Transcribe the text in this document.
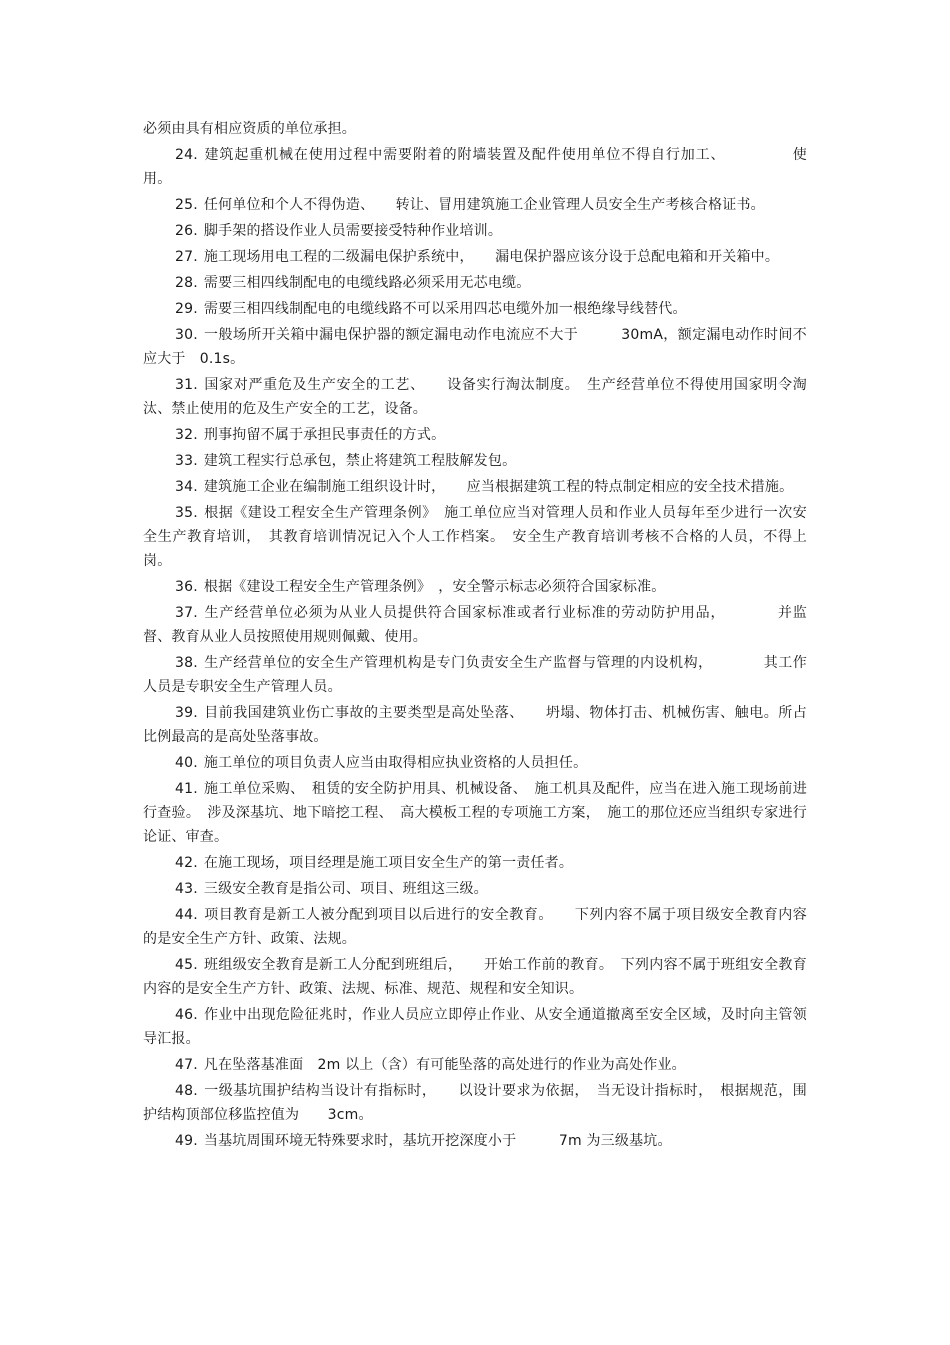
必须由具有相应资质的单位承担。

24. 建筑起重机械在使用过程中需要附着的附墙装置及配件使用单位不得自行加工、　　　　　使用。

25. 任何单位和个人不得伪造、　　转让、冒用建筑施工企业管理人员安全生产考核合格证书。

26. 脚手架的搭设作业人员需要接受特种作业培训。

27. 施工现场用电工程的二级漏电保护系统中，　　漏电保护器应该分设于总配电箱和开关箱中。

28. 需要三相四线制配电的电缆线路必须采用无芯电缆。

29. 需要三相四线制配电的电缆线路不可以采用四芯电缆外加一根绝缘导线替代。

30. 一般场所开关箱中漏电保护器的额定漏电动作电流应不大于　　　30mA，额定漏电动作时间不应大于　0.1s。

31. 国家对严重危及生产安全的工艺、　　设备实行淘汰制度。　生产经营单位不得使用国家明令淘汰、禁止使用的危及生产安全的工艺，设备。

32. 刑事拘留不属于承担民事责任的方式。

33. 建筑工程实行总承包，禁止将建筑工程肢解发包。

34. 建筑施工企业在编制施工组织设计时，　　应当根据建筑工程的特点制定相应的安全技术措施。

35. 根据《建设工程安全生产管理条例》　施工单位应当对管理人员和作业人员每年至少进行一次安全生产教育培训，　其教育培训情况记入个人工作档案。　安全生产教育培训考核不合格的人员，不得上岗。

36. 根据《建设工程安全生产管理条例》　，安全警示标志必须符合国家标准。

37. 生产经营单位必须为从业人员提供符合国家标准或者行业标准的劳动防护用品，　　　　并监督、教育从业人员按照使用规则佩戴、使用。

38. 生产经营单位的安全生产管理机构是专门负责安全生产监督与管理的内设机构，　　　　其工作人员是专职安全生产管理人员。

39. 目前我国建筑业伤亡事故的主要类型是高处坠落、　　坍塌、物体打击、机械伤害、触电。所占比例最高的是高处坠落事故。

40. 施工单位的项目负责人应当由取得相应执业资格的人员担任。

41. 施工单位采购、　租赁的安全防护用具、机械设备、　施工机具及配件，应当在进入施工现场前进行查验。　涉及深基坑、地下暗挖工程、　高大模板工程的专项施工方案，　施工的那位还应当组织专家进行论证、审查。

42. 在施工现场，项目经理是施工项目安全生产的第一责任者。

43. 三级安全教育是指公司、项目、班组这三级。

44. 项目教育是新工人被分配到项目以后进行的安全教育。　　下列内容不属于项目级安全教育内容的是安全生产方针、政策、法规。

45. 班组级安全教育是新工人分配到班组后，　　开始工作前的教育。　下列内容不属于班组安全教育内容的是安全生产方针、政策、法规、标准、规范、规程和安全知识。

46. 作业中出现危险征兆时，作业人员应立即停止作业、从安全通道撤离至安全区域，及时向主管领导汇报。

47. 凡在坠落基准面　2m 以上（含）有可能坠落的高处进行的作业为高处作业。

48. 一级基坑围护结构当设计有指标时，　　以设计要求为依据，　当无设计指标时，　根据规范，围护结构顶部位移监控值为　　3cm。

49. 当基坑周围环境无特殊要求时，基坑开挖深度小于　　　7m 为三级基坑。
